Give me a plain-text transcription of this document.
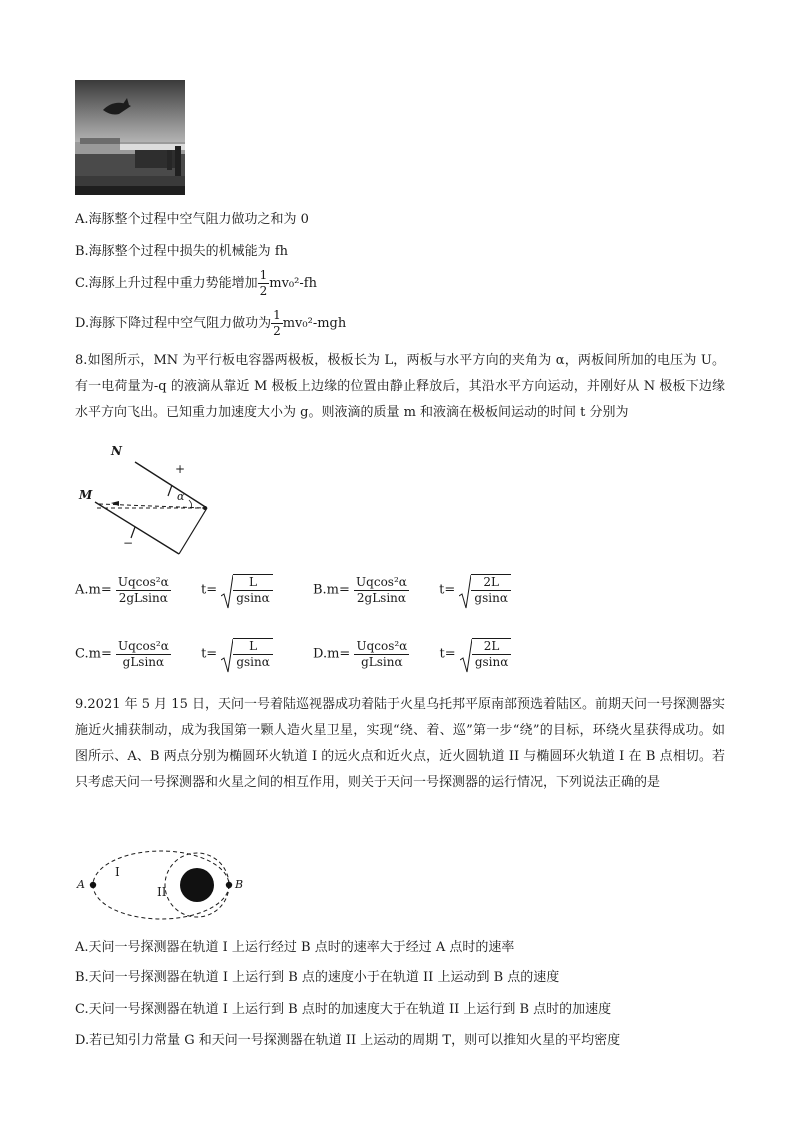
A.海豚整个过程中空气阻力做功之和为 0
B.海豚整个过程中损失的机械能为 fh
C.海豚上升过程中重力势能增加 $\frac{1}{2} mv_0^2-fh$
D.海豚下降过程中空气阻力做功为 $\frac{1}{2} mv_0^2-mgh$
8.如图所示，MN 为平行板电容器两极板，极板长为 L，两板与水平方向的夹角为 α，两板间所加的电压为 U。有一电荷量为-q 的液滴从靠近 M 极板上边缘的位置由静止释放后，其沿水平方向运动，并刚好从 N 极板下边缘水平方向飞出。已知重力加速度大小为 g。则液滴的质量 m 和液滴在极板间运动的时间 t 分别为
N
M
+
−
α
$A.m= \frac{\text{Uqcos²α}}{2gLsin\alpha} t= \frac{L}{gsin\alpha}$	$B.m= \frac{\text{Uqcos²α}}{2gLsin\alpha} t= \frac{2L}{gsin\alpha}$
$C.m= \frac{\text{Uqcos²α}}{gLsin\alpha} t= \frac{L}{gsin\alpha}$	$D.m= \frac{\text{Uqcos²α}}{gLsin\alpha} t= \frac{2L}{gsin\alpha}$
9.2021 年 5 月 15 日，天问一号着陆巡视器成功着陆于火星乌托邦平原南部预选着陆区。前期天问一号探测器实施近火捕获制动，成为我国第一颗人造火星卫星，实现“绕、着、巡”第一步“绕”的目标，环绕火星获得成功。如图所示、A、B 两点分别为椭圆环火轨道 I 的远火点和近火点，近火圆轨道 II 与椭圆环火轨道 I 在 B 点相切。若只考虑天问一号探测器和火星之间的相互作用，则关于天问一号探测器的运行情况，下列说法正确的是
A	B
I
II
A.天问一号探测器在轨道 I 上运行经过 B 点时的速率大于经过 A 点时的速率
B.天问一号探测器在轨道 I 上运行到 B 点的速度小于在轨道 II 上运动到 B 点的速度
C.天问一号探测器在轨道 I 上运行到 B 点时的加速度大于在轨道 II 上运行到 B 点时的加速度
D.若已知引力常量 G 和天问一号探测器在轨道 II 上运动的周期 T，则可以推知火星的平均密度
